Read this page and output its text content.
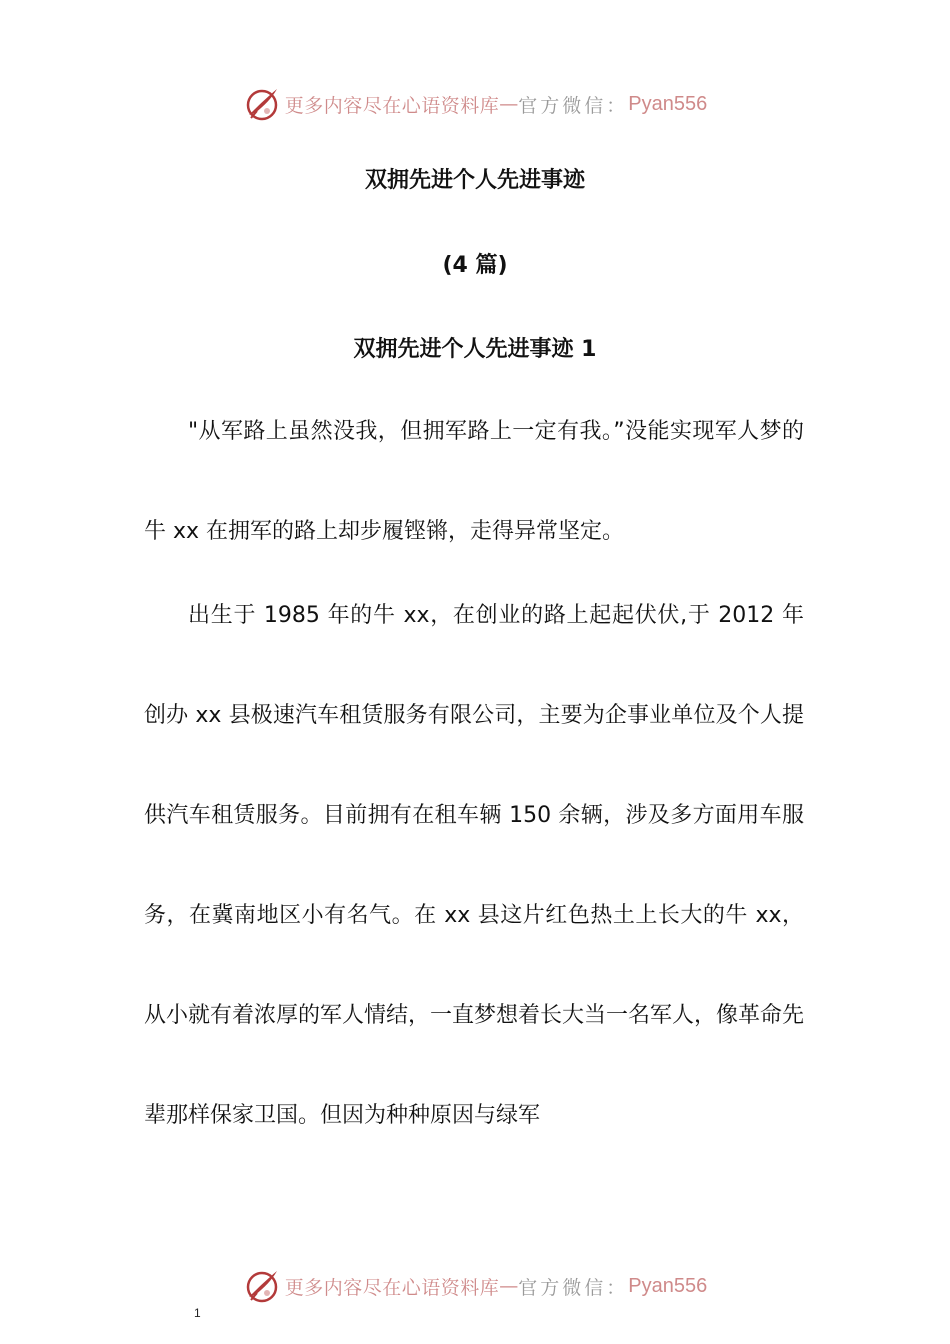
更多内容尽在心语资料库 — 官方微信： Pyan556
双拥先进个人先进事迹
(4 篇)
双拥先进个人先进事迹 1

"从军路上虽然没我，但拥军路上一定有我。”没能实现军人梦的牛 xx 在拥军的路上却步履铿锵，走得异常坚定。

出生于 1985 年的牛 xx，在创业的路上起起伏伏,于 2012 年创办 xx 县极速汽车租赁服务有限公司，主要为企事业单位及个人提供汽车租赁服务。目前拥有在租车辆 150 余辆，涉及多方面用车服务，在冀南地区小有名气。在 xx 县这片红色热土上长大的牛 xx，从小就有着浓厚的军人情结，一直梦想着长大当一名军人，像革命先辈那样保家卫国。但因为种种原因与绿军

更多内容尽在心语资料库 — 官方微信： Pyan556
1
